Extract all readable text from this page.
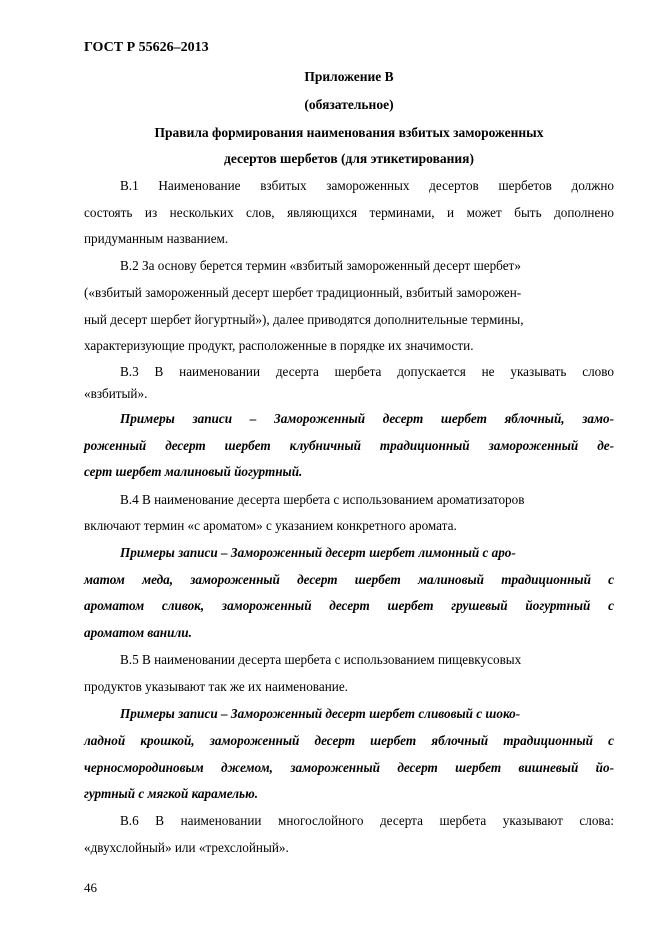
ГОСТ Р 55626–2013
Приложение В
(обязательное)
Правила формирования наименования взбитых замороженных
десертов шербетов (для этикетирования)
В.1 Наименование взбитых замороженных десертов шербетов должно
состоять из нескольких слов, являющихся терминами, и может быть дополнено
придуманным названием.
В.2 За основу берется термин «взбитый замороженный десерт шербет»
(«взбитый замороженный десерт шербет традиционный, взбитый заморожен-
ный десерт шербет йогуртный»), далее приводятся дополнительные термины,
характеризующие продукт, расположенные в порядке их значимости.
В.3 В наименовании десерта шербета допускается не указывать слово
«взбитый».
Примеры записи – Замороженный десерт шербет яблочный, замо-
роженный десерт шербет клубничный традиционный замороженный де-
серт шербет малиновый йогуртный.
В.4 В наименование десерта шербета с использованием ароматизаторов
включают термин «с ароматом» с указанием конкретного аромата.
Примеры записи – Замороженный десерт шербет лимонный с аро-
матом меда, замороженный десерт шербет малиновый традиционный с
ароматом сливок, замороженный десерт шербет грушевый йогуртный с
ароматом ванили.
В.5 В наименовании десерта шербета с использованием пищевкусовых
продуктов указывают так же их наименование.
Примеры записи – Замороженный десерт шербет сливовый с шоко-
ладной крошкой, замороженный десерт шербет яблочный традиционный с
черносмородиновым джемом, замороженный десерт шербет вишневый йо-
гуртный с мягкой карамелью.
В.6 В наименовании многослойного десерта шербета указывают слова:
«двухслойный» или «трехслойный».
46
